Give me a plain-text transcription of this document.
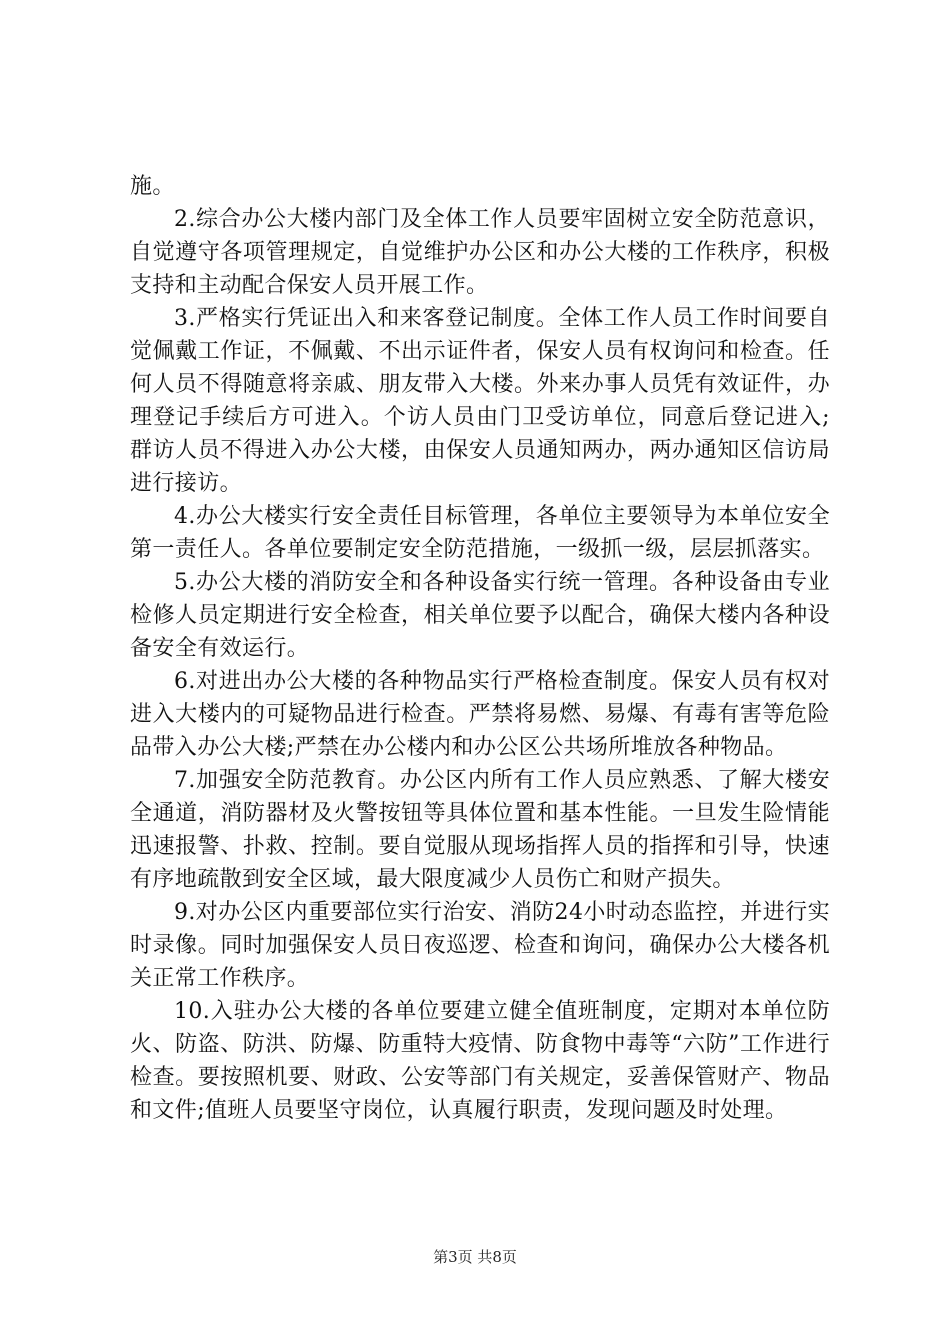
施。

2.综合办公大楼内部门及全体工作人员要牢固树立安全防范意识，自觉遵守各项管理规定，自觉维护办公区和办公大楼的工作秩序，积极支持和主动配合保安人员开展工作。

3.严格实行凭证出入和来客登记制度。全体工作人员工作时间要自觉佩戴工作证，不佩戴、不出示证件者，保安人员有权询问和检查。任何人员不得随意将亲戚、朋友带入大楼。外来办事人员凭有效证件，办理登记手续后方可进入。个访人员由门卫受访单位，同意后登记进入;群访人员不得进入办公大楼，由保安人员通知两办，两办通知区信访局进行接访。

4.办公大楼实行安全责任目标管理，各单位主要领导为本单位安全第一责任人。各单位要制定安全防范措施，一级抓一级，层层抓落实。

5.办公大楼的消防安全和各种设备实行统一管理。各种设备由专业检修人员定期进行安全检查，相关单位要予以配合，确保大楼内各种设备安全有效运行。

6.对进出办公大楼的各种物品实行严格检查制度。保安人员有权对进入大楼内的可疑物品进行检查。严禁将易燃、易爆、有毒有害等危险品带入办公大楼;严禁在办公楼内和办公区公共场所堆放各种物品。

7.加强安全防范教育。办公区内所有工作人员应熟悉、了解大楼安全通道，消防器材及火警按钮等具体位置和基本性能。一旦发生险情能迅速报警、扑救、控制。要自觉服从现场指挥人员的指挥和引导，快速有序地疏散到安全区域，最大限度减少人员伤亡和财产损失。

9.对办公区内重要部位实行治安、消防24小时动态监控，并进行实时录像。同时加强保安人员日夜巡逻、检查和询问，确保办公大楼各机关正常工作秩序。

10.入驻办公大楼的各单位要建立健全值班制度，定期对本单位防火、防盗、防洪、防爆、防重特大疫情、防食物中毒等“六防”工作进行检查。要按照机要、财政、公安等部门有关规定，妥善保管财产、物品和文件;值班人员要坚守岗位，认真履行职责，发现问题及时处理。

第3页 共8页
